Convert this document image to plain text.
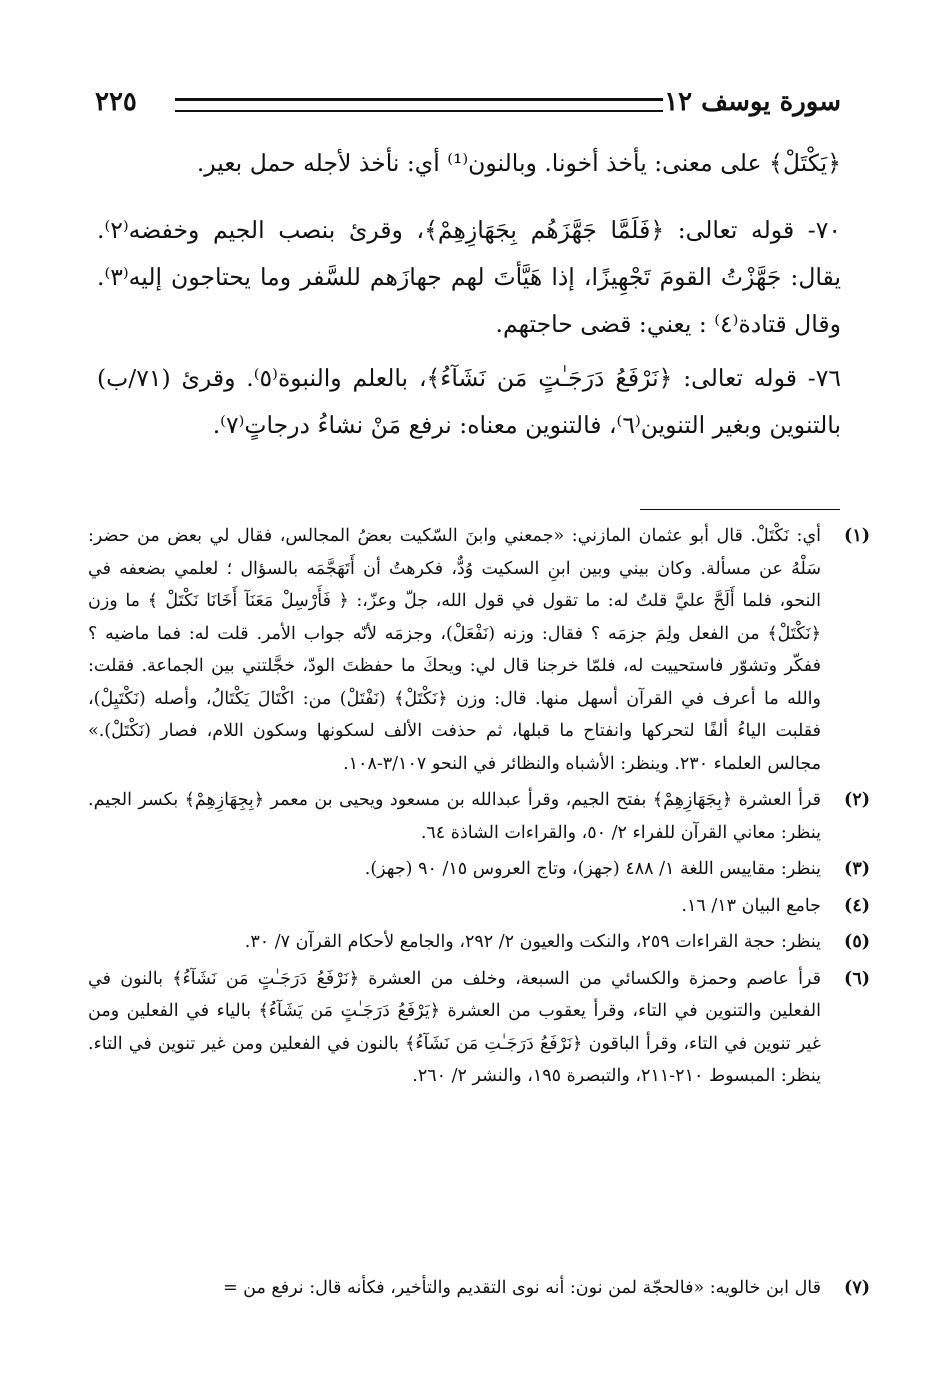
سورة يوسف ١٢
٢٢٥

﴿يَكْتَلْ﴾ على معنى: يأخذ أخونا. وبالنون⁽¹⁾ أي: نأخذ لأجله حمل بعير.

٧٠- قوله تعالى: ﴿فَلَمَّا جَهَّزَهُم بِجَهَازِهِمْ﴾، وقرئ بنصب الجيم وخفضه⁽٢⁾. يقال: جَهَّزْتُ القومَ تَجْهِيزًا، إذا هَيَّأتَ لهم جهازَهم للسَّفر وما يحتاجون إليه⁽٣⁾. وقال قتادة⁽٤⁾ : يعني: قضى حاجتهم.

٧٦- قوله تعالى: ﴿نَرْفَعُ دَرَجَـٰتٍ مَن نَشَآءُ﴾، بالعلم والنبوة⁽٥⁾. وقرئ (٧١/ب) بالتنوين وبغير التنوين⁽٦⁾، فالتنوين معناه: نرفع مَنْ نشاءُ درجاتٍ⁽٧⁾.

(١)
أي: نَكْتَلْ. قال أبو عثمان المازني: «جمعني وابنَ السّكيت بعضُ المجالس، فقال لي بعض من حضر: سَلْهُ عن مسألة. وكان بيني وبين ابنِ السكيت وُدٌّ، فكرهتُ أن أَتَهَجَّمَه بالسؤال ؛ لعلمي بضعفه في النحو، فلما أَلَحَّ عليَّ قلتُ له: ما تقول في قول الله، جلّ وعزّ،: ﴿ فَأَرْسِلْ مَعَنَآ أَخَانَا نَكْتَلْ ﴾ ما وزن ﴿نَكْتَلْ﴾ من الفعل ولِمَ جزمَه ؟ فقال: وزنه (نَفْعَلْ)، وجزمَه لأنّه جواب الأمر. قلت له: فما ماضيه ؟ ففكّر وتشوّر فاستحييت له، فلمّا خرجنا قال لي: ويحكَ ما حفظتَ الودّ، خجَّلتني بين الجماعة. فقلت: والله ما أعرف في القرآن أسهل منها. قال: وزن ﴿نَكْتَلْ﴾ (نَفْتَلْ) من: اكْتَالَ يَكْتَالُ، وأصله (نَكْتَيِلْ)، فقلبت الياءُ ألفًا لتحركها وانفتاح ما قبلها، ثم حذفت الألف لسكونها وسكون اللام، فصار (نَكْتَلْ).» مجالس العلماء ٢٣٠. وينظر: الأشباه والنظائر في النحو ٣/١٠٧-١٠٨.
(٢)
قرأ العشرة ﴿بِجَهَازِهِمْ﴾ بفتح الجيم، وقرأ عبدالله بن مسعود ويحيى بن معمر ﴿بِجِهَازِهِمْ﴾ بكسر الجيم. ينظر: معاني القرآن للفراء ٢/ ٥٠، والقراءات الشاذة ٦٤.
(٣)
ينظر: مقاييس اللغة ١/ ٤٨٨ (جهز)، وتاج العروس ١٥/ ٩٠ (جهز).
(٤)
جامع البيان ١٣/ ١٦.
(٥)
ينظر: حجة القراءات ٢٥٩، والنكت والعيون ٢/ ٢٩٢، والجامع لأحكام القرآن ٧/ ٣٠.
(٦)
قرأ عاصم وحمزة والكسائي من السبعة، وخلف من العشرة ﴿نَرْفَعُ دَرَجَـٰتٍ مَن نَشَآءُ﴾ بالنون في الفعلين والتنوين في التاء، وقرأ يعقوب من العشرة ﴿يَرْفَعُ دَرَجَـٰتٍ مَن يَشَآءُ﴾ بالياء في الفعلين ومن غير تنوين في التاء، وقرأ الباقون ﴿نَرْفَعُ دَرَجَـٰتِ مَن نَشَآءُ﴾ بالنون في الفعلين ومن غير تنوين في التاء. ينظر: المبسوط ٢١٠-٢١١، والتبصرة ١٩٥، والنشر ٢/ ٢٦٠.
(٧)
قال ابن خالويه: «فالحجّة لمن نون: أنه نوى التقديم والتأخير، فكأنه قال: نرفع من =
